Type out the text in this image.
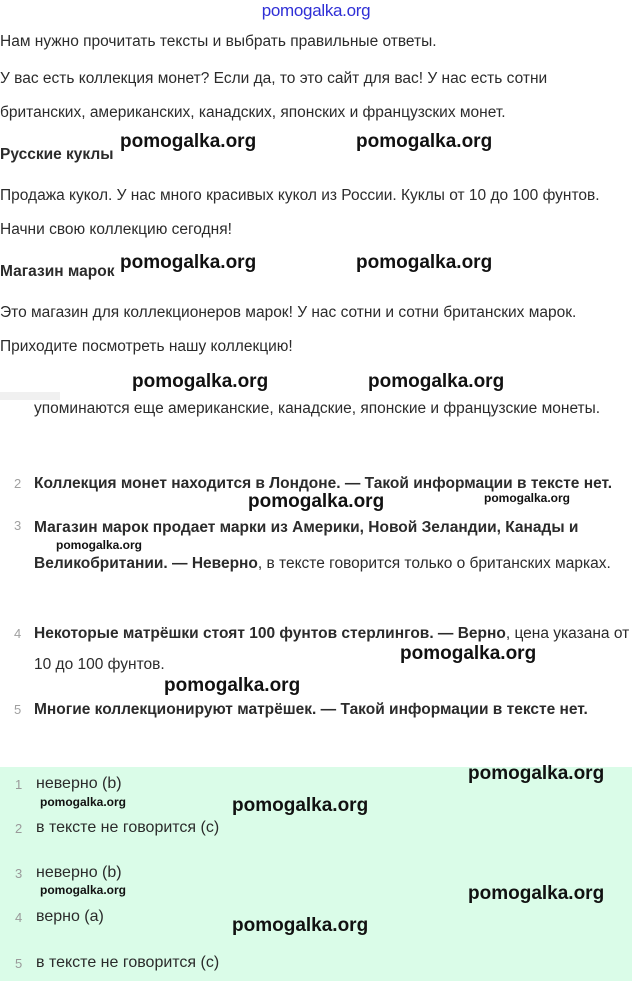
pomogalka.org
Нам нужно прочитать тексты и выбрать правильные ответы.
У вас есть коллекция монет? Если да, то это сайт для вас! У нас есть сотни британских, американских, канадских, японских и французских монет.
Русские куклы
Продажа кукол. У нас много красивых кукол из России. Куклы от 10 до 100 фунтов. Начни свою коллекцию сегодня!
Магазин марок
Это магазин для коллекционеров марок! У нас сотни и сотни британских марок. Приходите посмотреть нашу коллекцию!
упоминаются еще американские, канадские, японские и французские монеты.
2 Коллекция монет находится в Лондоне. — Такой информации в тексте нет.
3 Магазин марок продает марки из Америки, Новой Зеландии, Канады и Великобритании. — Неверно, в тексте говорится только о британских марках.
4 Некоторые матрёшки стоят 100 фунтов стерлингов. — Верно, цена указана от 10 до 100 фунтов.
5 Многие коллекционируют матрёшек. — Такой информации в тексте нет.
1 неверно (b)
2 в тексте не говорится (c)
3 неверно (b)
4 верно (a)
5 в тексте не говорится (c)
pomogalka.org	pomogalka.org
pomogalka.org	pomogalka.org
pomogalka.org	pomogalka.org
pomogalka.org	pomogalka.org
pomogalka.org
pomogalka.org
pomogalka.org
pomogalka.org
pomogalka.org	pomogalka.org
pomogalka.org	pomogalka.org
pomogalka.org
